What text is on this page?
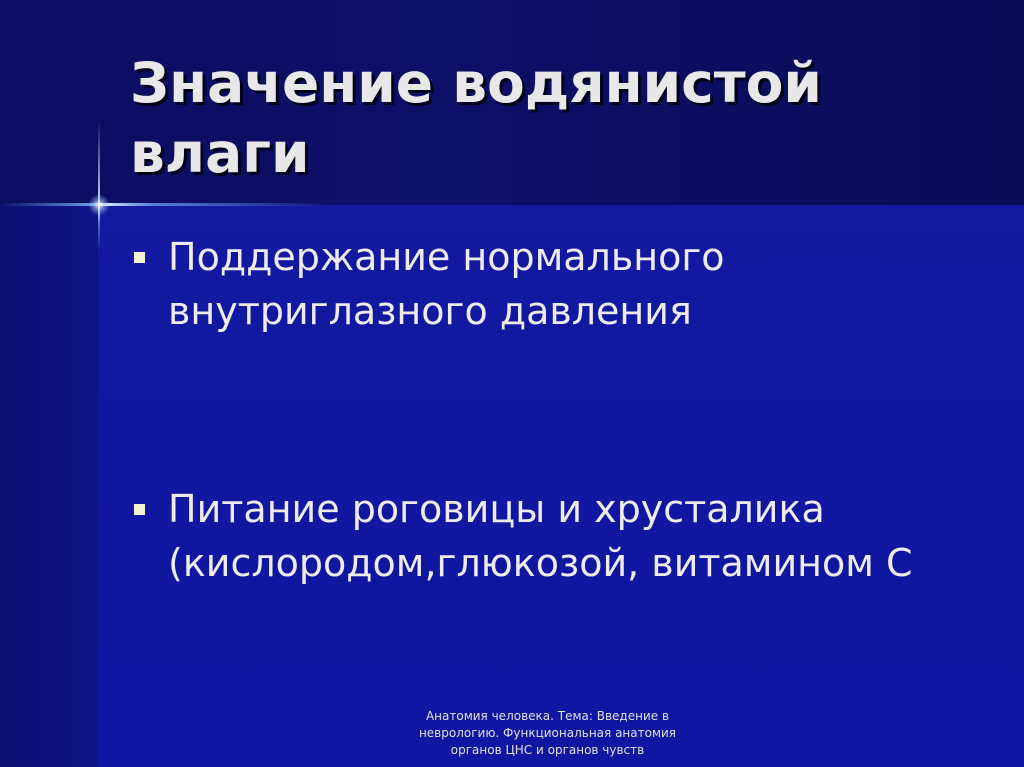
Значение водянистой влаги
Поддержание нормального внутриглазного давления
Питание роговицы и хрусталика (кислородом,глюкозой, витамином С

Анатомия человека. Тема: Введение в неврологию. Функциональная анатомия органов ЦНС и органов чувств
